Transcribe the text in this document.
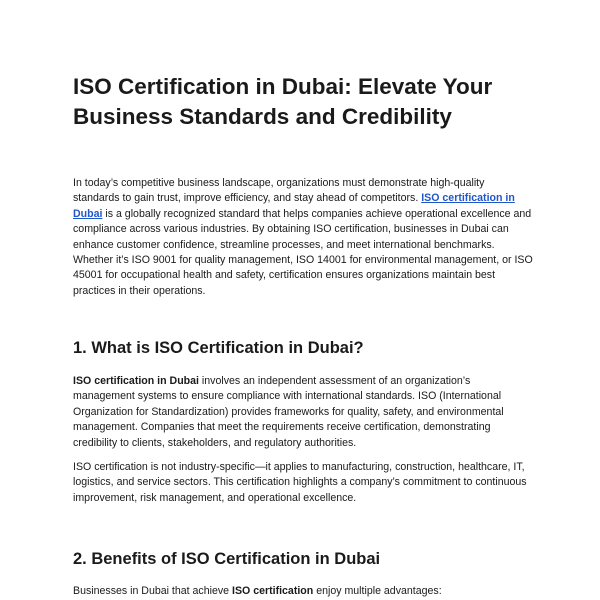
ISO Certification in Dubai: Elevate Your Business Standards and Credibility

In today’s competitive business landscape, organizations must demonstrate high-quality standards to gain trust, improve efficiency, and stay ahead of competitors. ISO certification in Dubai is a globally recognized standard that helps companies achieve operational excellence and compliance across various industries. By obtaining ISO certification, businesses in Dubai can enhance customer confidence, streamline processes, and meet international benchmarks. Whether it’s ISO 9001 for quality management, ISO 14001 for environmental management, or ISO 45001 for occupational health and safety, certification ensures organizations maintain best practices in their operations.

1. What is ISO Certification in Dubai?

ISO certification in Dubai involves an independent assessment of an organization’s management systems to ensure compliance with international standards. ISO (International Organization for Standardization) provides frameworks for quality, safety, and environmental management. Companies that meet the requirements receive certification, demonstrating credibility to clients, stakeholders, and regulatory authorities.

ISO certification is not industry-specific—it applies to manufacturing, construction, healthcare, IT, logistics, and service sectors. This certification highlights a company’s commitment to continuous improvement, risk management, and operational excellence.

2. Benefits of ISO Certification in Dubai

Businesses in Dubai that achieve ISO certification enjoy multiple advantages:
